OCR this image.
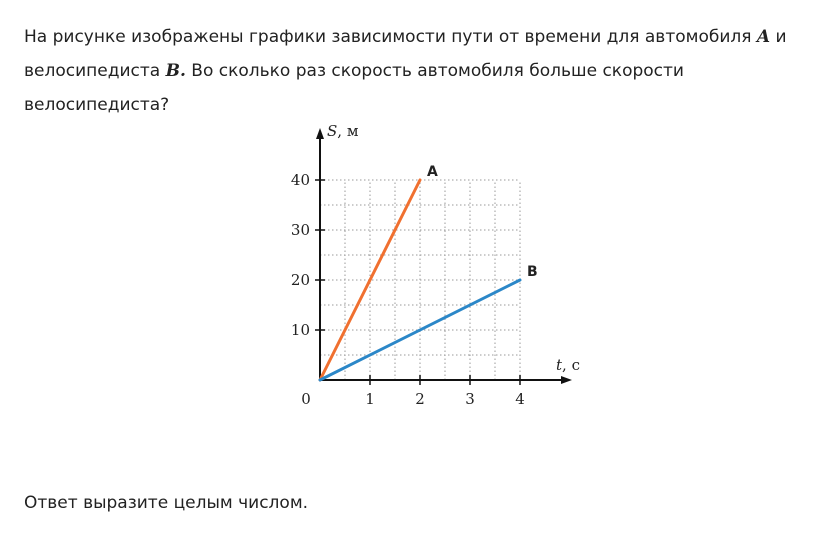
На рисунке изображены графики зависимости пути от времени для автомобиля A и велосипедиста B. Во сколько раз скорость автомобиля больше скорости велосипедиста?

1	2	3	4
10
20
30
40
0
S, м
t, с
A
B

Ответ выразите целым числом.
